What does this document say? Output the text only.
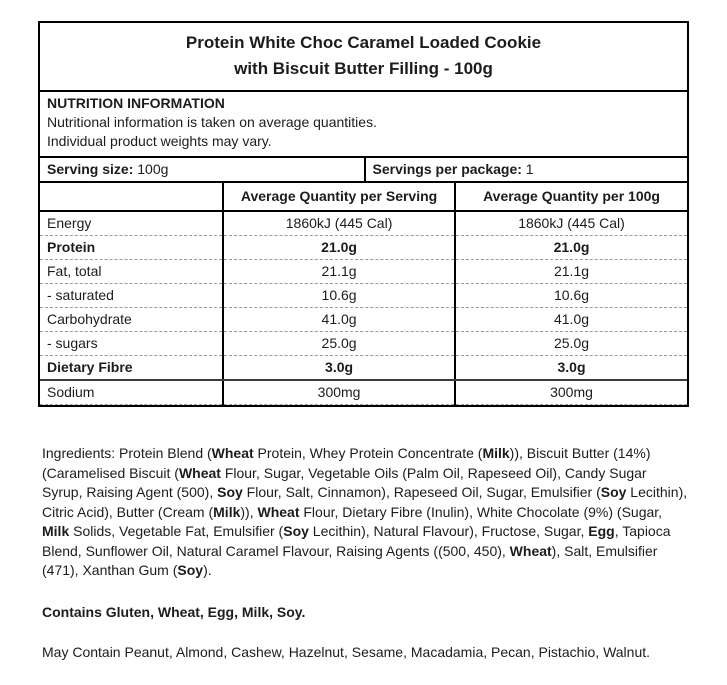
Protein White Choc Caramel Loaded Cookie
with Biscuit Butter Filling - 100g
NUTRITION INFORMATION
Nutritional information is taken on average quantities.
Individual product weights may vary.
Serving size: 100g	Servings per package: 1
	Average Quantity per Serving	Average Quantity per 100g
Energy	1860kJ (445 Cal)	1860kJ (445 Cal)
Protein	21.0g	21.0g
Fat, total	21.1g	21.1g
- saturated	10.6g	10.6g
Carbohydrate	41.0g	41.0g
- sugars	25.0g	25.0g
Dietary Fibre	3.0g	3.0g
Sodium	300mg	300mg

Ingredients: Protein Blend (Wheat Protein, Whey Protein Concentrate (Milk)), Biscuit Butter (14%) (Caramelised Biscuit (Wheat Flour, Sugar, Vegetable Oils (Palm Oil, Rapeseed Oil), Candy Sugar Syrup, Raising Agent (500), Soy Flour, Salt, Cinnamon), Rapeseed Oil, Sugar, Emulsifier (Soy Lecithin), Citric Acid), Butter (Cream (Milk)), Wheat Flour, Dietary Fibre (Inulin), White Chocolate (9%) (Sugar, Milk Solids, Vegetable Fat, Emulsifier (Soy Lecithin), Natural Flavour), Fructose, Sugar, Egg, Tapioca Blend, Sunflower Oil, Natural Caramel Flavour, Raising Agents ((500, 450), Wheat), Salt, Emulsifier (471), Xanthan Gum (Soy).

Contains Gluten, Wheat, Egg, Milk, Soy.

May Contain Peanut, Almond, Cashew, Hazelnut, Sesame, Macadamia, Pecan, Pistachio, Walnut.
